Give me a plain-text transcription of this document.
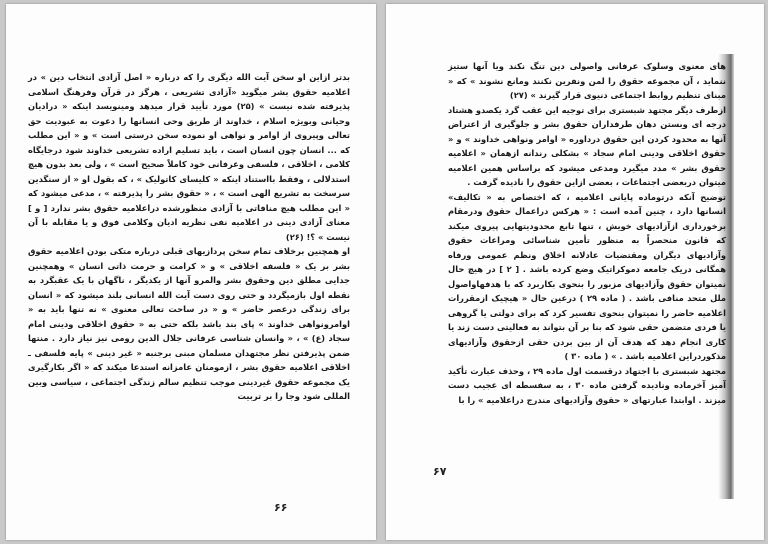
بدتر ازاین او سخن آیت الله دیگری را که درباره « اصل آزادی انتخاب دین » در اعلامیه حقوق بشر میگوید «آزادی تشریعی ، هرگز در قرآن وفرهنگ اسلامی پذیرفته شده نیست » (۲۵) مورد تأیید قرار میدهد ومینویسد اینکه « درادیان وحیانی وبویژه اسلام ، خداوند از طریق وحی انسانها را دعوت به عبودیت حق تعالی وپیروی از اوامر و نواهی او نموده سخن درستی است » و « این مطلب که ... انسان چون انسان است ، باید تسلیم اراده تشریعی خداوند شود درجایگاه کلامی ، اخلاقی ، فلسفی وعرفانی خود کاملاً صحیح است » ، ولی بعد بدون هیچ استدلالی ، وفقط بااستناد اینکه « کلیسای کاتولیک » ، که بقول او « از سنگدین سرسخت به تشریع الهی است » ، « حقوق بشر را پذیرفته » ، مدعی میشود که « این مطلب هیچ منافاتی با آزادی منظورشده دراعلامیه حقوق بشر ندارد [ و ] معنای آزادی دینی در اعلامیه نفی نظریه ادیان وکلامی فوق و یا مقابله با آن نیست » ؟! (۲۶)

او همچنین برخلاف تمام سخن پردازیهای قبلی درباره متکی بودن اعلامیه حقوق بشر بر یک « فلسفه اخلاقی » و « کرامت و حرمت ذاتی انسان » وهمچنین جدایی مطلق دین وحقوق بشر والمرو آنها از یکدیگر ، ناگهان با یک عقبگرد به نقطه اول بازمیگردد و حتی روی دست آیت الله انسانی بلند میشود که « انسان برای زندگی درعصر حاضر » و « در ساحت تعالی معنوی » نه تنها باید به « اوامرونواهی خداوند » پای بند باشد بلکه حتی به « حقوق اخلاقی ودینی امام سجاد (ع) » ، « وانسان شناسی عرفانی جلال الدین رومی نیز نیاز دارد . منتها ضمن پذیرفتن نظر مجتهدان مسلمان مبنی برجنبه « غیر دینی » پایه فلسفی ـ اخلاقی اعلامیه حقوق بشر ، ازمومنان عامزانه استدعا میکند که « اگر بکارگیری یک مجموعه حقوق غیردینی موجب تنظیم سالم زندگی اجتماعی ، سیاسی وبین المللی شود وجا را بر تربیت

۶۶

های معنوی وسلوک عرفانی واصولی دین تنگ نکند ویا آنها ستیز ننماید ، آن مجموعه حقوق را لمن ونفرین نکنند ومانع نشوند » که « مبنای تنظیم روابط اجتماعی دنیوی قرار گیرند » (۲۷)

ازطرف دیگر مجتهد شبستری برای توجیه این عقب گرد یکصدو هشتاد درجه ای وبستن دهان طرفداران حقوق بشر و جلوگیری از اعتراض آنها به محدود کردن این حقوق درداوره « اوامر ونواهی خداوند » و « حقوق اخلاقی ودینی امام سجاد » بشکلی رندانه ازهمان « اعلامیه حقوق بشر » مدد میگیرد ومدعی میشود که براساس همین اعلامیه میتوان دربعضی اجتماعات ، بعضی ازاین حقوق را نادیده گرفت .

توضیح آنکه درتوماده پایانی اعلامیه ، که اختصاص به « تکالیف» انسانها دارد ، چنین آمده است : « هرکس دراعمال حقوق ودرمقام برخورداری ازآزادیهای خویش ، تنها تابع محدودیتهایی پیروی میکند که قانون منحصراً به منظور تأمین شناسائی ومراعات حقوق وآزادیهای دیگران ومقتضیات عادلانه اخلاق ونظم عمومی ورفاه همگانی دریک جامعه دموکراتیک وضع کرده باشد . [ ۲ ] در هیچ حال نمیتوان حقوق وآزادیهای مزبور را بنحوی بکاربرد که با هدفهاواصول ملل متحد منافی باشد . ( ماده ۲۹ ) درعین حال « هیچیک ازمقررات اعلامیه حاضر را نمیتوان بنحوی تفسیر کرد که برای دولتی یا گروهی یا فردی متضمن حقی شود که بنا بر آن بتواند به فعالیتی دست زند یا کاری انجام دهد که هدف آن از بین بردن حقی ازحقوق وآزادیهای مذکوردراین اعلامیه باشد . » ( ماده ۳۰ )

مجتهد شبستری با اجتهاد درقسمت اول ماده ۲۹ ، وحذف عبارت تأکید آمیز آخرماده ونادیده گرفتن ماده ۳۰ ، به سفسطه ای عجیب دست میزند . اوابتدا عبارتهای « حقوق وآزادیهای مندرج دراعلامیه » را با

۶۷
